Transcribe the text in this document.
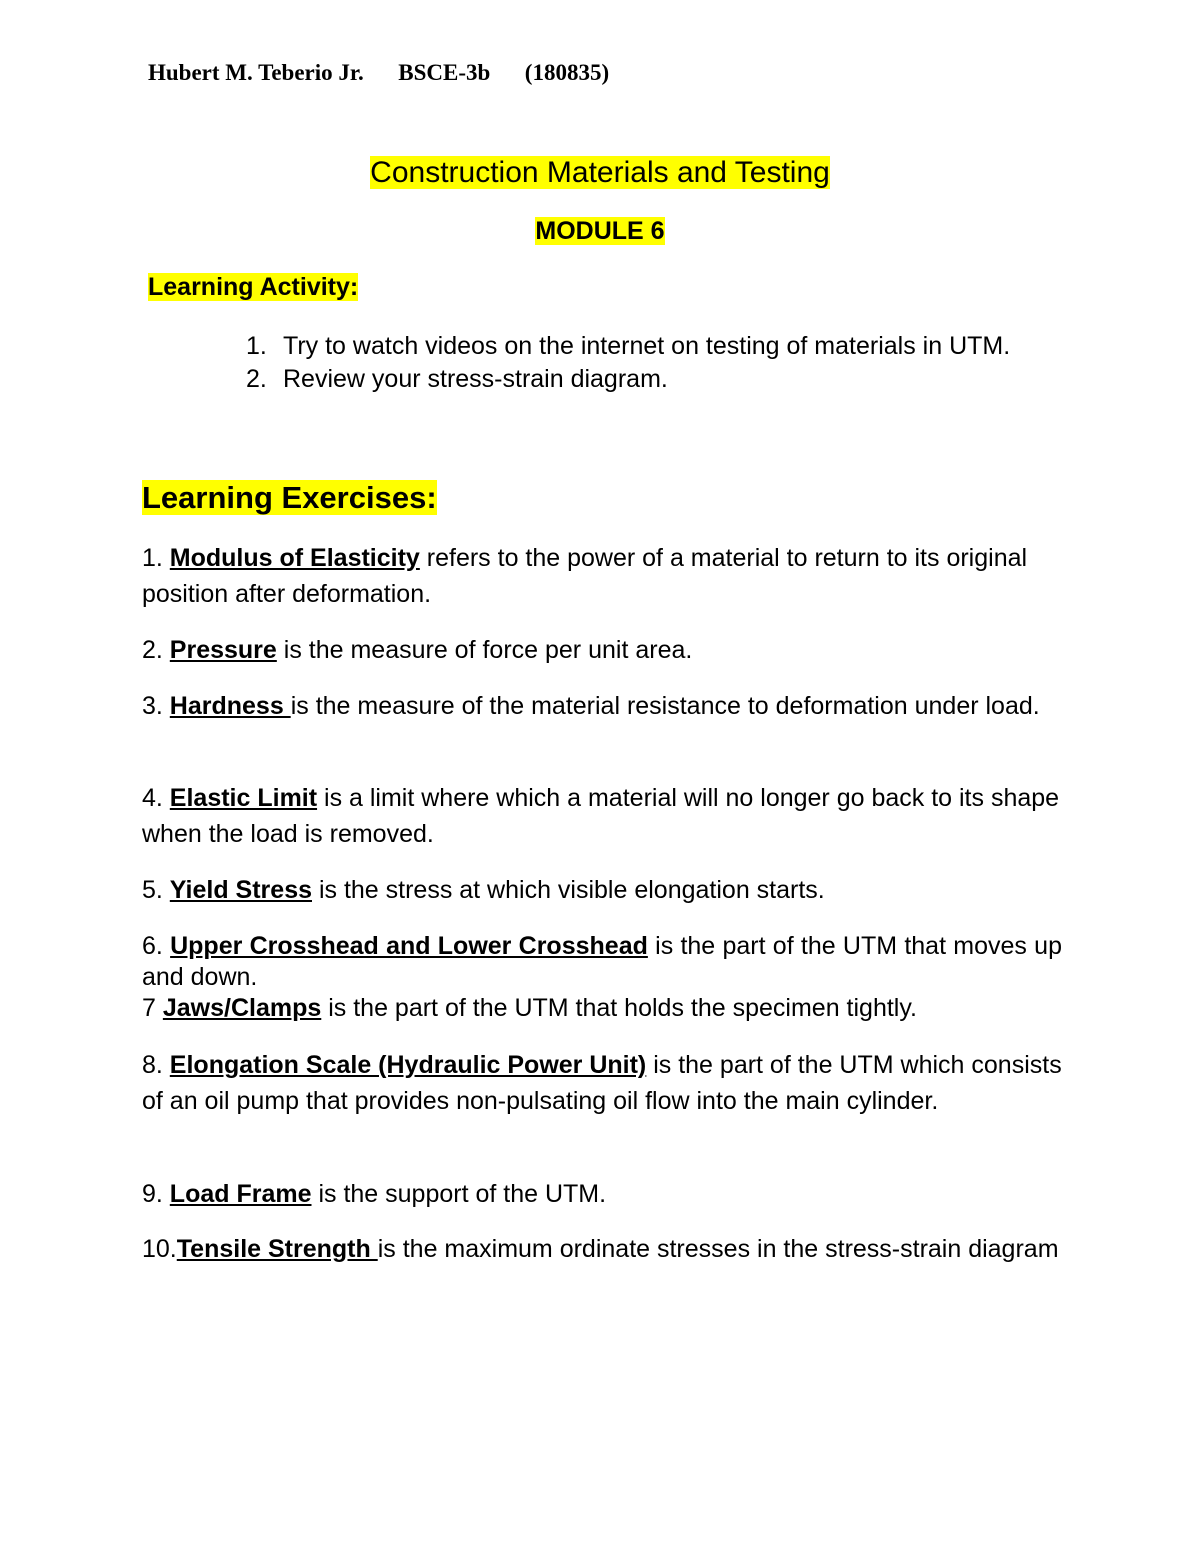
Hubert M. Teberio Jr. BSCE-3b (180835)
Construction Materials and Testing
MODULE 6
Learning Activity:
1. Try to watch videos on the internet on testing of materials in UTM.
2. Review your stress-strain diagram.
Learning Exercises:
1. Modulus of Elasticity refers to the power of a material to return to its original position after deformation.
2. Pressure is the measure of force per unit area.
3. Hardness is the measure of the material resistance to deformation under load.
4. Elastic Limit is a limit where which a material will no longer go back to its shape when the load is removed.
5. Yield Stress is the stress at which visible elongation starts.
6. Upper Crosshead and Lower Crosshead is the part of the UTM that moves up and down.
7 Jaws/Clamps is the part of the UTM that holds the specimen tightly.
8. Elongation Scale (Hydraulic Power Unit) is the part of the UTM which consists of an oil pump that provides non-pulsating oil flow into the main cylinder.
9. Load Frame is the support of the UTM.
10.Tensile Strength is the maximum ordinate stresses in the stress-strain diagram
